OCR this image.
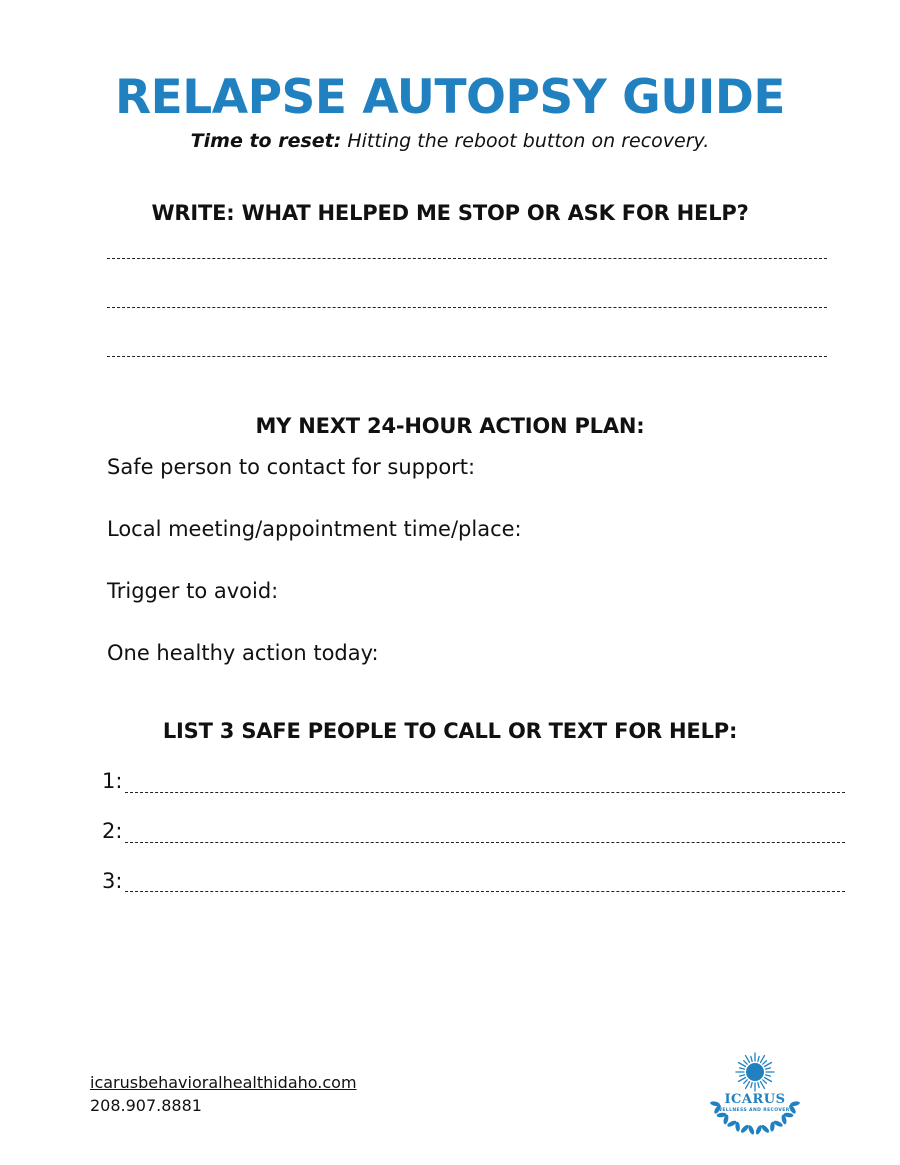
RELAPSE AUTOPSY GUIDE

Time to reset: Hitting the reboot button on recovery.

WRITE: WHAT HELPED ME STOP OR ASK FOR HELP?
MY NEXT 24-HOUR ACTION PLAN:

Safe person to contact for support:

Local meeting/appointment time/place:

Trigger to avoid:

One healthy action today:

LIST 3 SAFE PEOPLE TO CALL OR TEXT FOR HELP:
1:
2:
3:
icarusbehavioralhealthidaho.com
208.907.8881	ICARUS
WELLNESS AND RECOVERY
